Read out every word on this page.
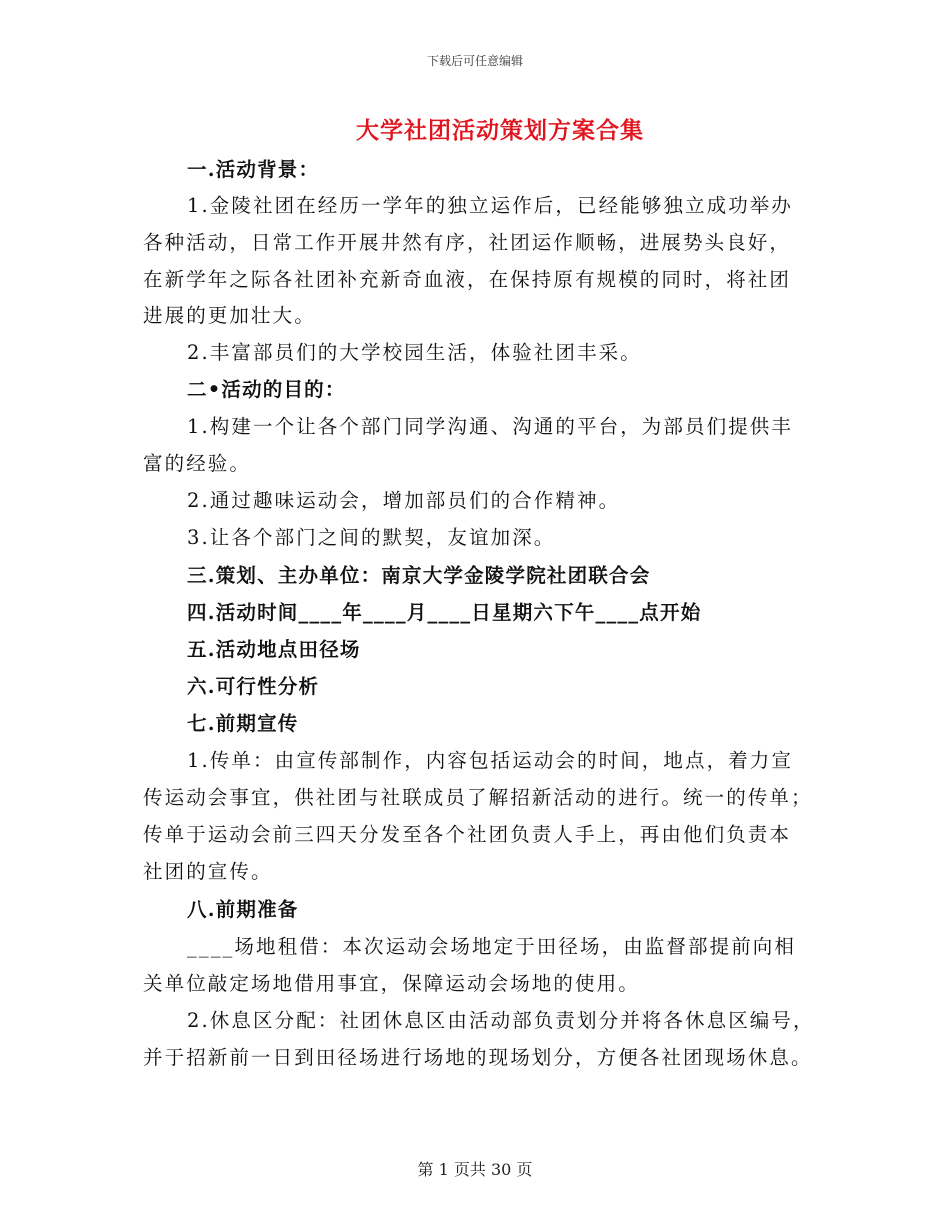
下载后可任意编辑
大学社团活动策划方案合集
一.活动背景：
1.金陵社团在经历一学年的独立运作后，已经能够独立成功举办
各种活动，日常工作开展井然有序，社团运作顺畅，进展势头良好，
在新学年之际各社团补充新奇血液，在保持原有规模的同时，将社团
进展的更加壮大。
2.丰富部员们的大学校园生活，体验社团丰采。
二•活动的目的：
1.构建一个让各个部门同学沟通、沟通的平台，为部员们提供丰
富的经验。
2.通过趣味运动会，增加部员们的合作精神。
3.让各个部门之间的默契，友谊加深。
三.策划、主办单位：南京大学金陵学院社团联合会
四.活动时间____年____月____日星期六下午____点开始
五.活动地点田径场
六.可行性分析
七.前期宣传
1.传单：由宣传部制作，内容包括运动会的时间，地点，着力宣
传运动会事宜，供社团与社联成员了解招新活动的进行。统一的传单；
传单于运动会前三四天分发至各个社团负责人手上，再由他们负责本
社团的宣传。
八.前期准备
____场地租借：本次运动会场地定于田径场，由监督部提前向相
关单位敲定场地借用事宜，保障运动会场地的使用。
2.休息区分配：社团休息区由活动部负责划分并将各休息区编号，
并于招新前一日到田径场进行场地的现场划分，方便各社团现场休息。
第 1 页共 30 页
